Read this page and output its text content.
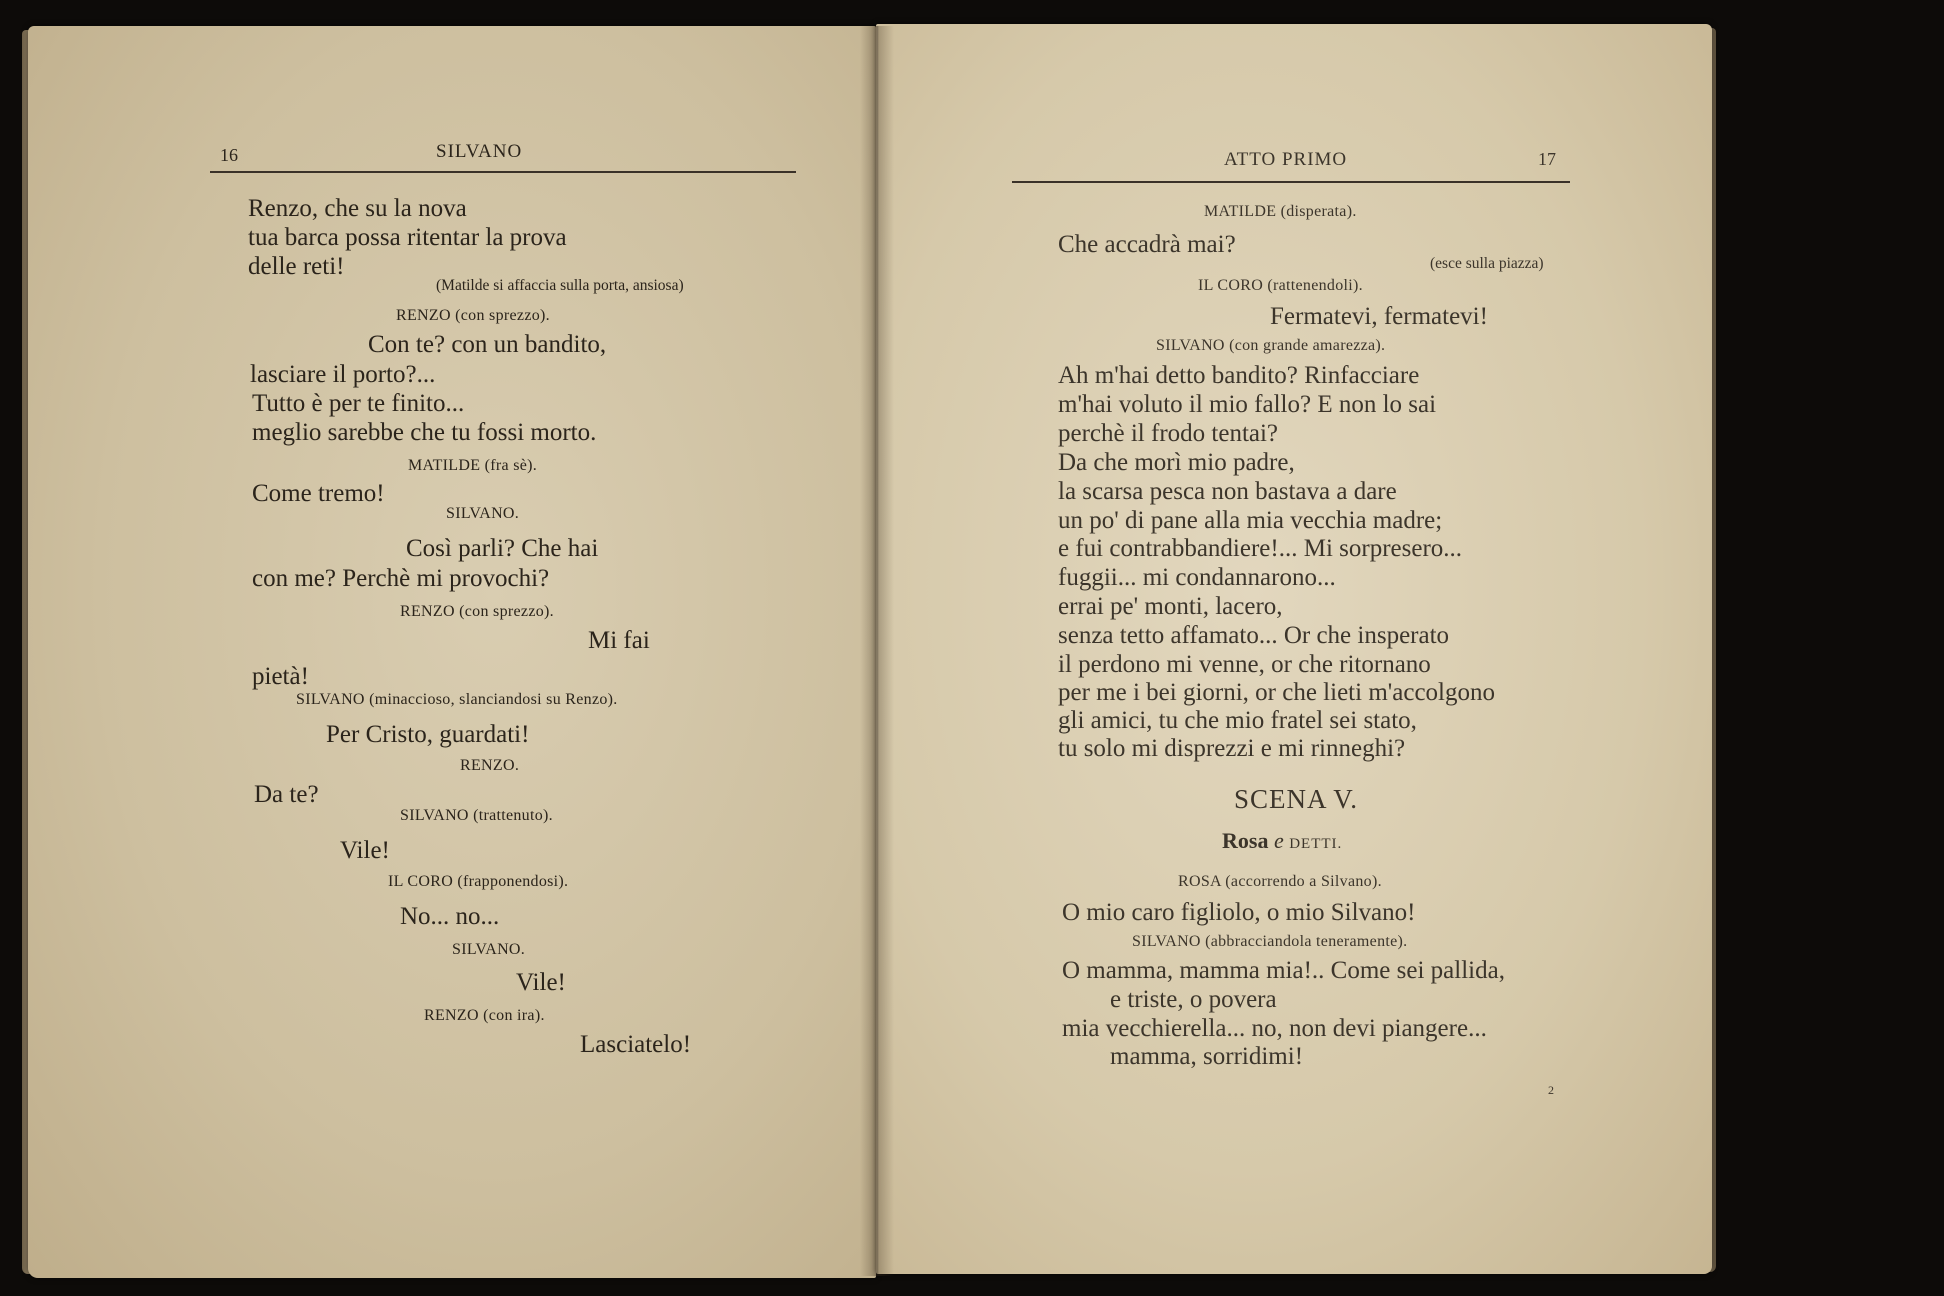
16	SILVANO
Renzo, che su la nova
tua barca possa ritentar la prova
delle reti!
(Matilde si affaccia sulla porta, ansiosa)
RENZO (con sprezzo).
Con te? con un bandito,
lasciare il porto?...
Tutto è per te finito...
meglio sarebbe che tu fossi morto.
MATILDE (fra sè).
Come tremo!
SILVANO.
Così parli? Che hai
con me? Perchè mi provochi?
RENZO (con sprezzo).
Mi fai
pietà!
SILVANO (minaccioso, slanciandosi su Renzo).
Per Cristo, guardati!
RENZO.
Da te?
SILVANO (trattenuto).
Vile!
IL CORO (frapponendosi).
No... no...
SILVANO.
Vile!
RENZO (con ira).
Lasciatelo!
ATTO PRIMO	17
MATILDE (disperata).
Che accadrà mai?
(esce sulla piazza)
IL CORO (rattenendoli).
Fermatevi, fermatevi!
SILVANO (con grande amarezza).
Ah m'hai detto bandito? Rinfacciare
m'hai voluto il mio fallo? E non lo sai
perchè il frodo tentai?
Da che morì mio padre,
la scarsa pesca non bastava a dare
un po' di pane alla mia vecchia madre;
e fui contrabbandiere!... Mi sorpresero...
fuggii... mi condannarono...
errai pe' monti, lacero,
senza tetto affamato... Or che insperato
il perdono mi venne, or che ritornano
per me i bei giorni, or che lieti m'accolgono
gli amici, tu che mio fratel sei stato,
tu solo mi disprezzi e mi rinneghi?
SCENA V.
Rosa e DETTI.
ROSA (accorrendo a Silvano).
O mio caro figliolo, o mio Silvano!
SILVANO (abbracciandola teneramente).
O mamma, mamma mia!.. Come sei pallida,
e triste, o povera
mia vecchierella... no, non devi piangere...
mamma, sorridimi!
2
